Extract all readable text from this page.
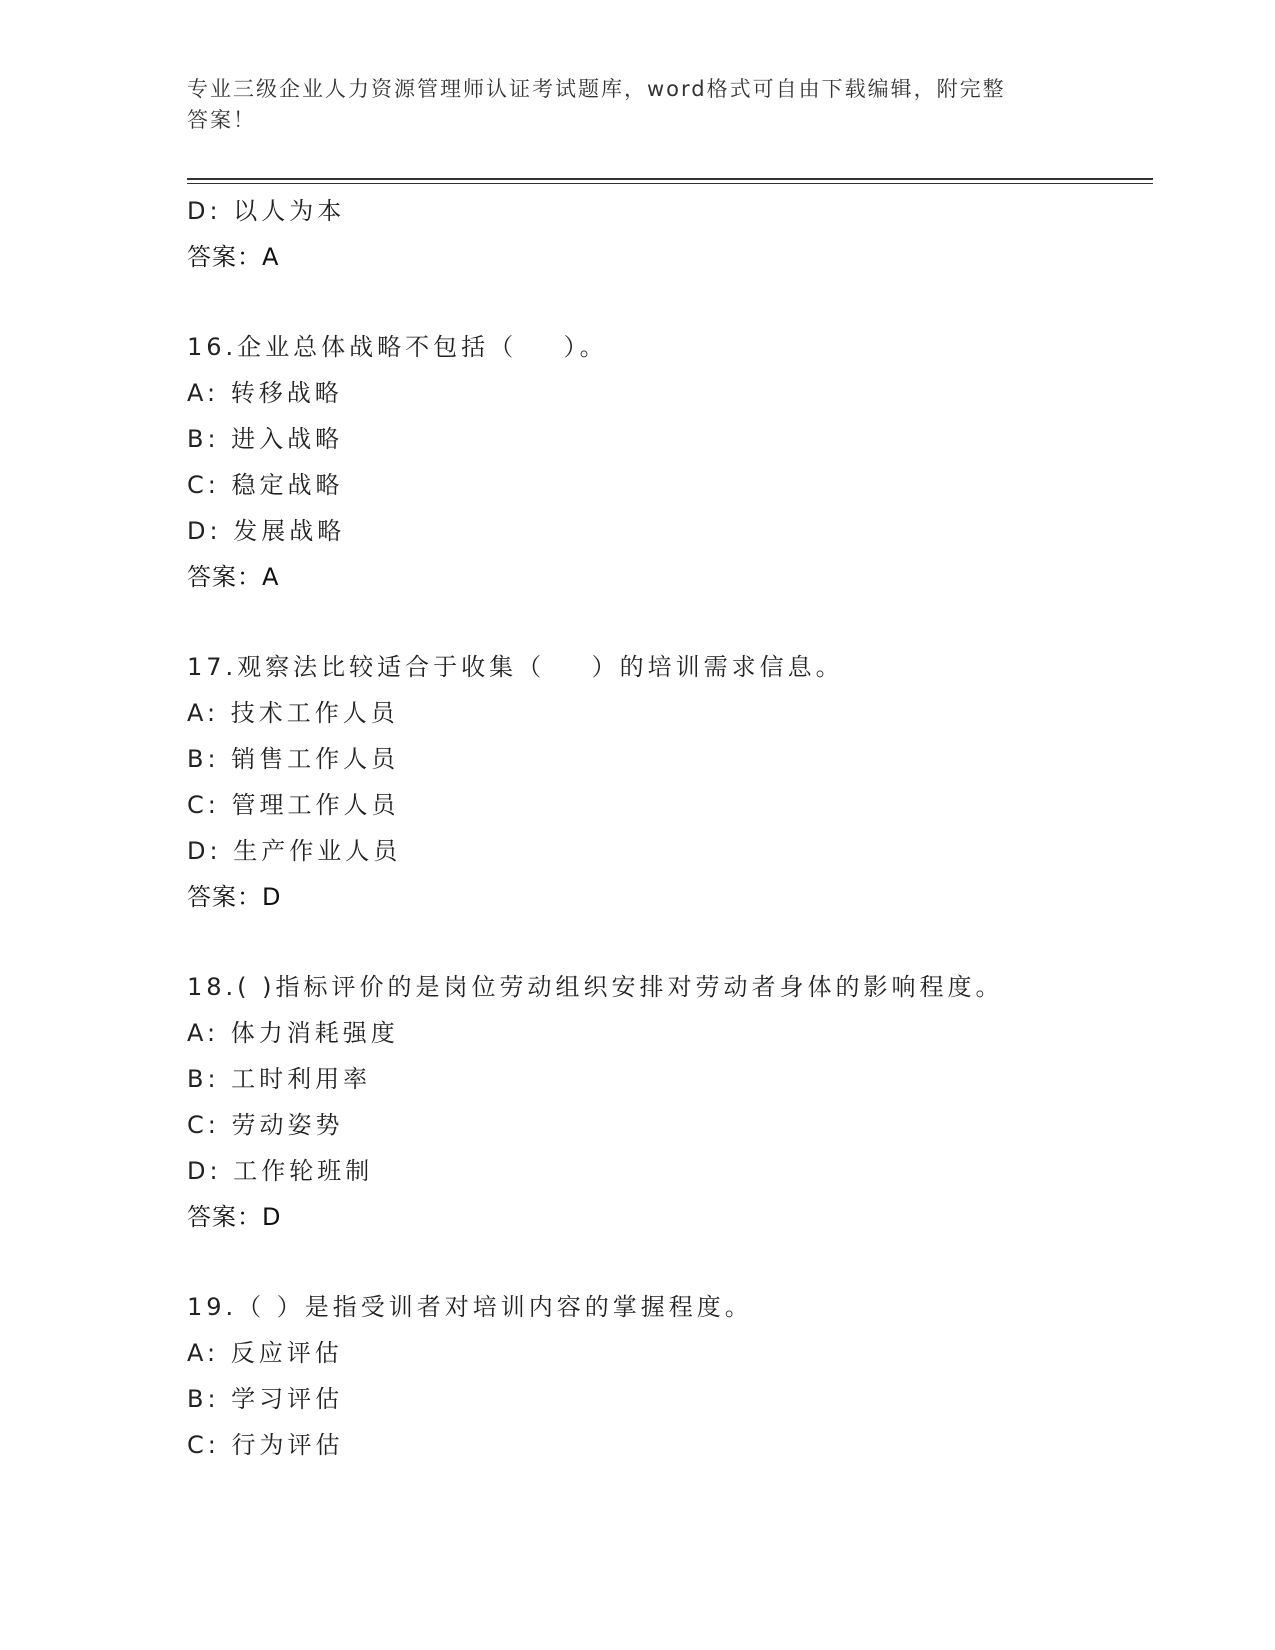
专业三级企业人力资源管理师认证考试题库，word格式可自由下载编辑，附完整
答案！
D: 以人为本
答案：A
16.企业总体战略不包括（    ）。
A: 转移战略
B: 进入战略
C: 稳定战略
D: 发展战略
答案：A
17.观察法比较适合于收集（    ）的培训需求信息。
A: 技术工作人员
B: 销售工作人员
C: 管理工作人员
D: 生产作业人员
答案：D
18.( )指标评价的是岗位劳动组织安排对劳动者身体的影响程度。
A: 体力消耗强度
B: 工时利用率
C: 劳动姿势
D: 工作轮班制
答案：D
19.（ ）是指受训者对培训内容的掌握程度。
A: 反应评估
B: 学习评估
C: 行为评估
